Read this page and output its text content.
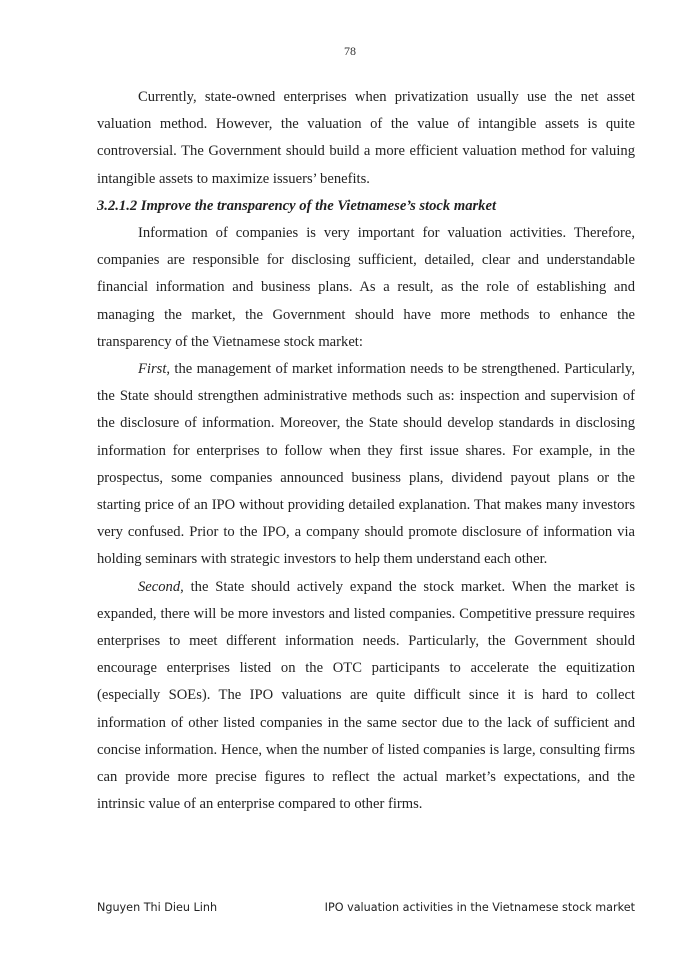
78

Currently, state-owned enterprises when privatization usually use the net asset valuation method. However, the valuation of the value of intangible assets is quite controversial. The Government should build a more efficient valuation method for valuing intangible assets to maximize issuers’ benefits.

3.2.1.2 Improve the transparency of the Vietnamese’s stock market

Information of companies is very important for valuation activities. Therefore, companies are responsible for disclosing sufficient, detailed, clear and understandable financial information and business plans. As a result, as the role of establishing and managing the market, the Government should have more methods to enhance the transparency of the Vietnamese stock market:

First, the management of market information needs to be strengthened. Particularly, the State should strengthen administrative methods such as: inspection and supervision of the disclosure of information. Moreover, the State should develop standards in disclosing information for enterprises to follow when they first issue shares. For example, in the prospectus, some companies announced business plans, dividend payout plans or the starting price of an IPO without providing detailed explanation. That makes many investors very confused. Prior to the IPO, a company should promote disclosure of information via holding seminars with strategic investors to help them understand each other.

Second, the State should actively expand the stock market. When the market is expanded, there will be more investors and listed companies. Competitive pressure requires enterprises to meet different information needs. Particularly, the Government should encourage enterprises listed on the OTC participants to accelerate the equitization (especially SOEs). The IPO valuations are quite difficult since it is hard to collect information of other listed companies in the same sector due to the lack of sufficient and concise information. Hence, when the number of listed companies is large, consulting firms can provide more precise figures to reflect the actual market’s expectations, and the intrinsic value of an enterprise compared to other firms.

Nguyen Thi Dieu Linh	IPO valuation activities in the Vietnamese stock market
